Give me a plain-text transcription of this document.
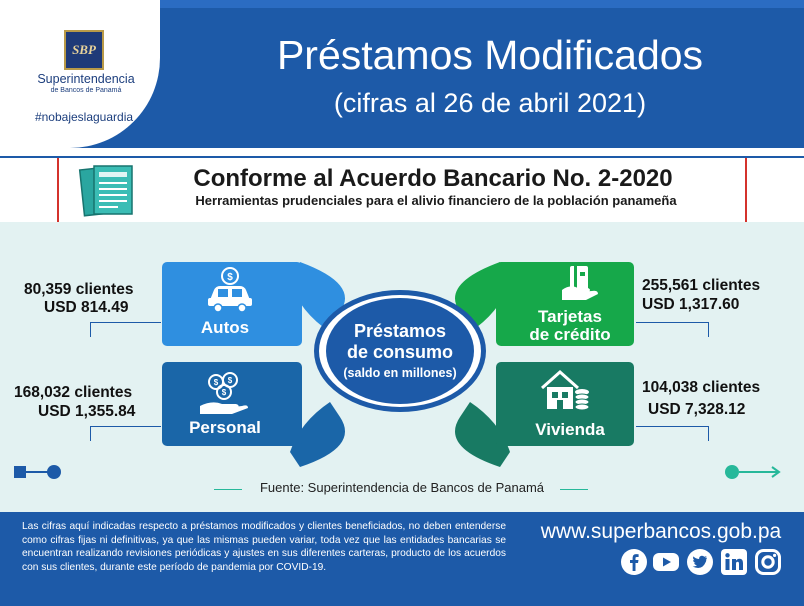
SBP
Superintendencia
de Bancos de Panamá
#nobajeslaguardia
Préstamos Modificados
(cifras al 26 de abril 2021)
Conforme al Acuerdo Bancario No. 2-2020
Herramientas prudenciales para el alivio financiero de la población panameña
$
Autos
80,359 clientes
USD 814.49
$ $
$
Personal
168,032 clientes
USD 1,355.84
Tarjetas
de crédito
255,561 clientes
USD 1,317.60
Vivienda
104,038 clientes
USD 7,328.12
Préstamos
de consumo
(saldo en millones)
Fuente: Superintendencia de Bancos de Panamá
Las cifras aquí indicadas respecto a préstamos modificados y clientes beneficiados, no deben entenderse como cifras fijas ni definitivas, ya que las mismas pueden variar, toda vez que las entidades bancarias se encuentran realizando revisiones periódicas y ajustes en sus diferentes carteras, producto de los acuerdos con sus clientes, durante este período de pandemia por COVID-19.
www.superbancos.gob.pa
